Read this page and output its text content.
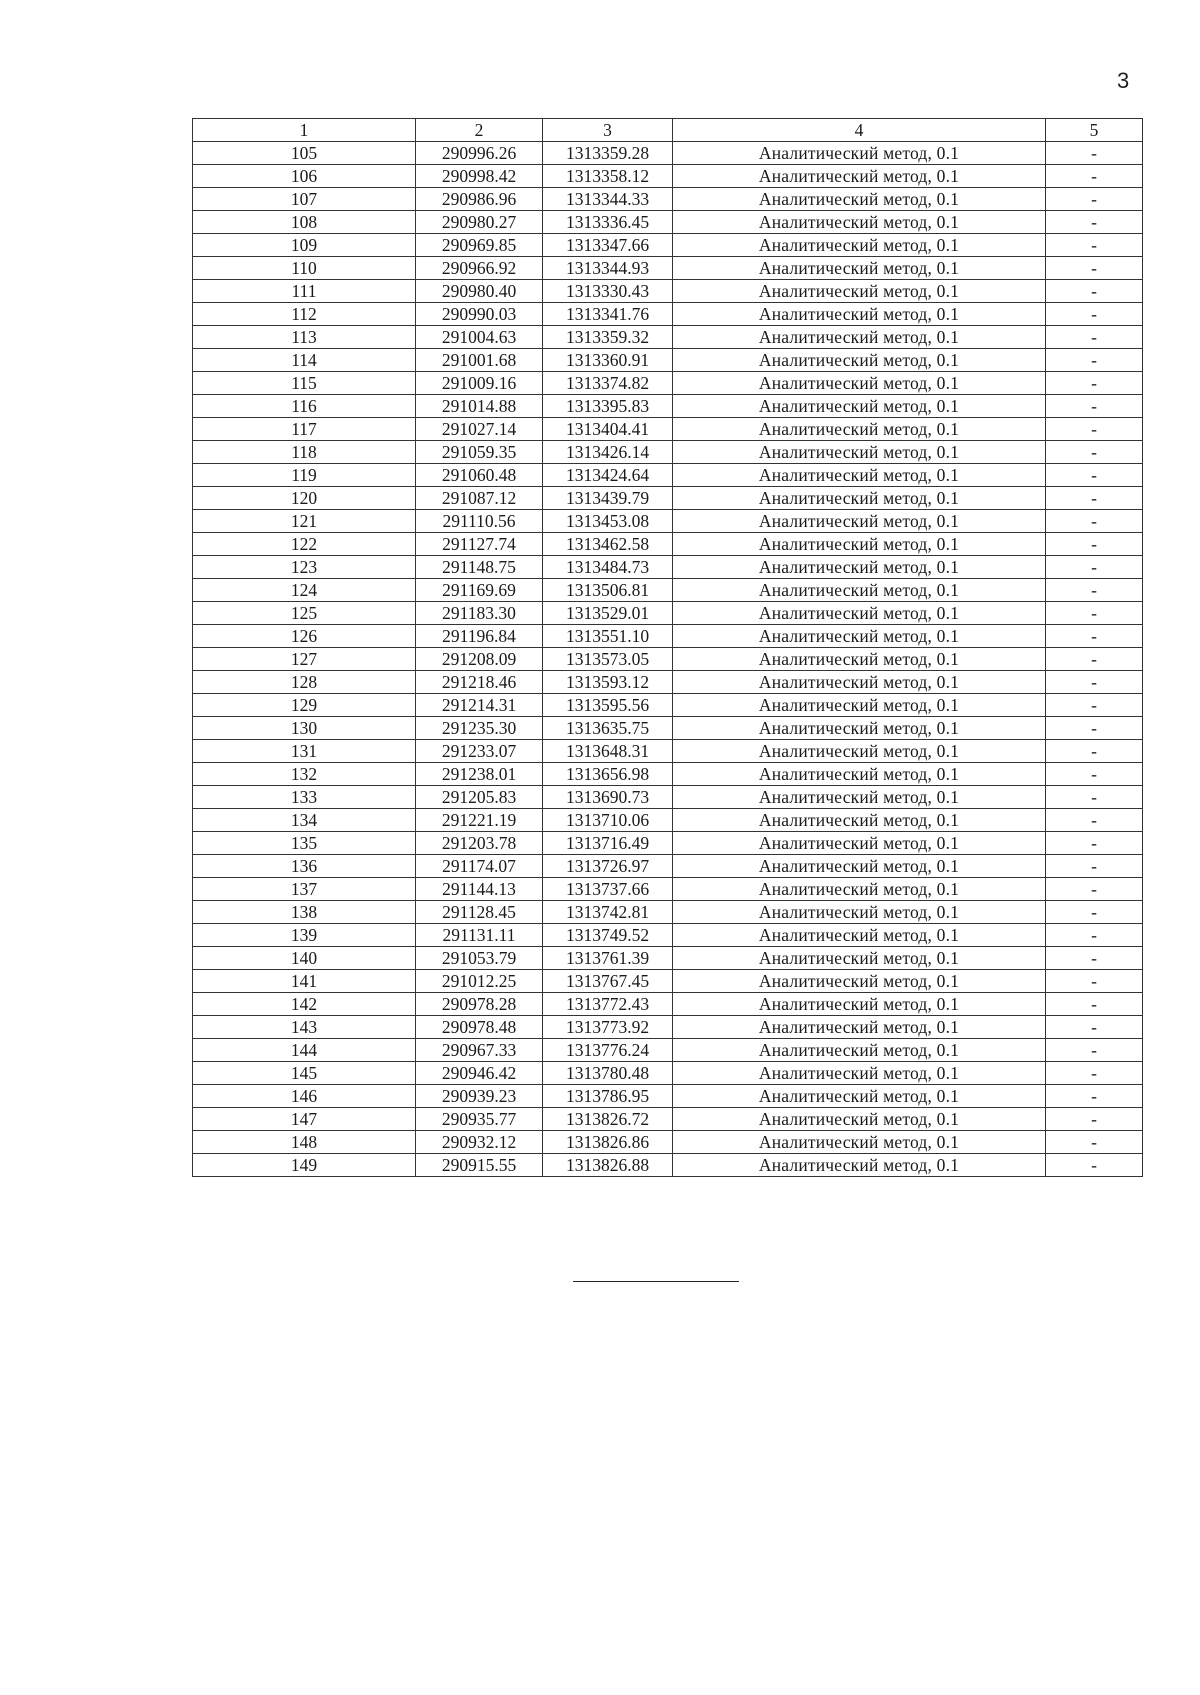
3
1	2	3	4	5
105	290996.26	1313359.28	Аналитический метод, 0.1	-
106	290998.42	1313358.12	Аналитический метод, 0.1	-
107	290986.96	1313344.33	Аналитический метод, 0.1	-
108	290980.27	1313336.45	Аналитический метод, 0.1	-
109	290969.85	1313347.66	Аналитический метод, 0.1	-
110	290966.92	1313344.93	Аналитический метод, 0.1	-
111	290980.40	1313330.43	Аналитический метод, 0.1	-
112	290990.03	1313341.76	Аналитический метод, 0.1	-
113	291004.63	1313359.32	Аналитический метод, 0.1	-
114	291001.68	1313360.91	Аналитический метод, 0.1	-
115	291009.16	1313374.82	Аналитический метод, 0.1	-
116	291014.88	1313395.83	Аналитический метод, 0.1	-
117	291027.14	1313404.41	Аналитический метод, 0.1	-
118	291059.35	1313426.14	Аналитический метод, 0.1	-
119	291060.48	1313424.64	Аналитический метод, 0.1	-
120	291087.12	1313439.79	Аналитический метод, 0.1	-
121	291110.56	1313453.08	Аналитический метод, 0.1	-
122	291127.74	1313462.58	Аналитический метод, 0.1	-
123	291148.75	1313484.73	Аналитический метод, 0.1	-
124	291169.69	1313506.81	Аналитический метод, 0.1	-
125	291183.30	1313529.01	Аналитический метод, 0.1	-
126	291196.84	1313551.10	Аналитический метод, 0.1	-
127	291208.09	1313573.05	Аналитический метод, 0.1	-
128	291218.46	1313593.12	Аналитический метод, 0.1	-
129	291214.31	1313595.56	Аналитический метод, 0.1	-
130	291235.30	1313635.75	Аналитический метод, 0.1	-
131	291233.07	1313648.31	Аналитический метод, 0.1	-
132	291238.01	1313656.98	Аналитический метод, 0.1	-
133	291205.83	1313690.73	Аналитический метод, 0.1	-
134	291221.19	1313710.06	Аналитический метод, 0.1	-
135	291203.78	1313716.49	Аналитический метод, 0.1	-
136	291174.07	1313726.97	Аналитический метод, 0.1	-
137	291144.13	1313737.66	Аналитический метод, 0.1	-
138	291128.45	1313742.81	Аналитический метод, 0.1	-
139	291131.11	1313749.52	Аналитический метод, 0.1	-
140	291053.79	1313761.39	Аналитический метод, 0.1	-
141	291012.25	1313767.45	Аналитический метод, 0.1	-
142	290978.28	1313772.43	Аналитический метод, 0.1	-
143	290978.48	1313773.92	Аналитический метод, 0.1	-
144	290967.33	1313776.24	Аналитический метод, 0.1	-
145	290946.42	1313780.48	Аналитический метод, 0.1	-
146	290939.23	1313786.95	Аналитический метод, 0.1	-
147	290935.77	1313826.72	Аналитический метод, 0.1	-
148	290932.12	1313826.86	Аналитический метод, 0.1	-
149	290915.55	1313826.88	Аналитический метод, 0.1	-
